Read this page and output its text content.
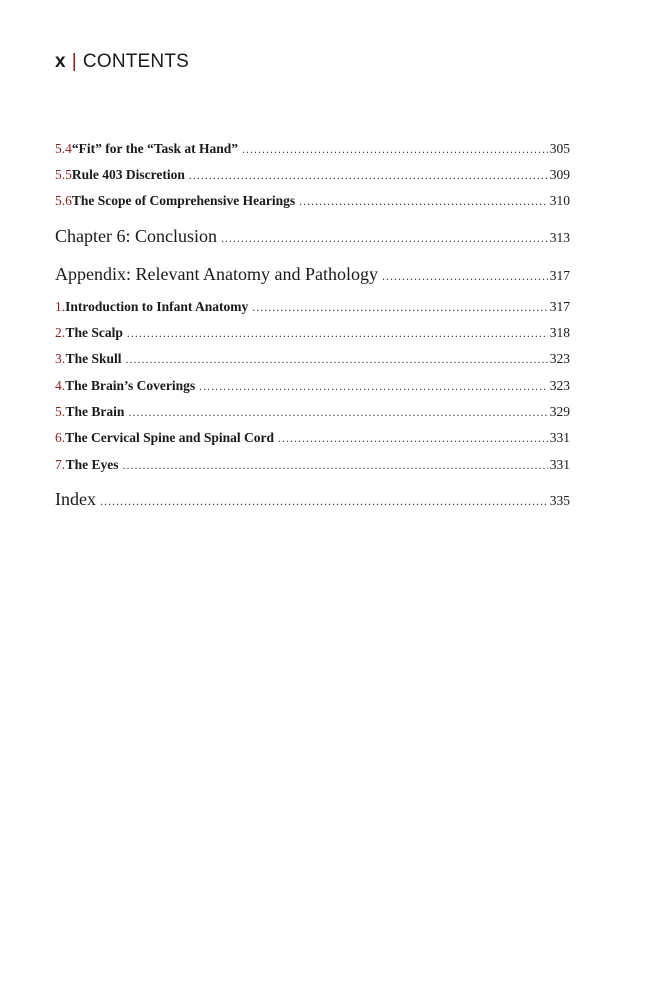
x | CONTENTS
5.4 “Fit” for the “Task at Hand” .....	305
5.5 Rule 403 Discretion .....	309
5.6 The Scope of Comprehensive Hearings .....	310
Chapter 6: Conclusion .....	313
Appendix: Relevant Anatomy and Pathology .....	317
1. Introduction to Infant Anatomy .....	317
2. The Scalp .....	318
3. The Skull .....	323
4. The Brain’s Coverings .....	323
5. The Brain .....	329
6. The Cervical Spine and Spinal Cord .....	331
7. The Eyes .....	331
Index .....	335
